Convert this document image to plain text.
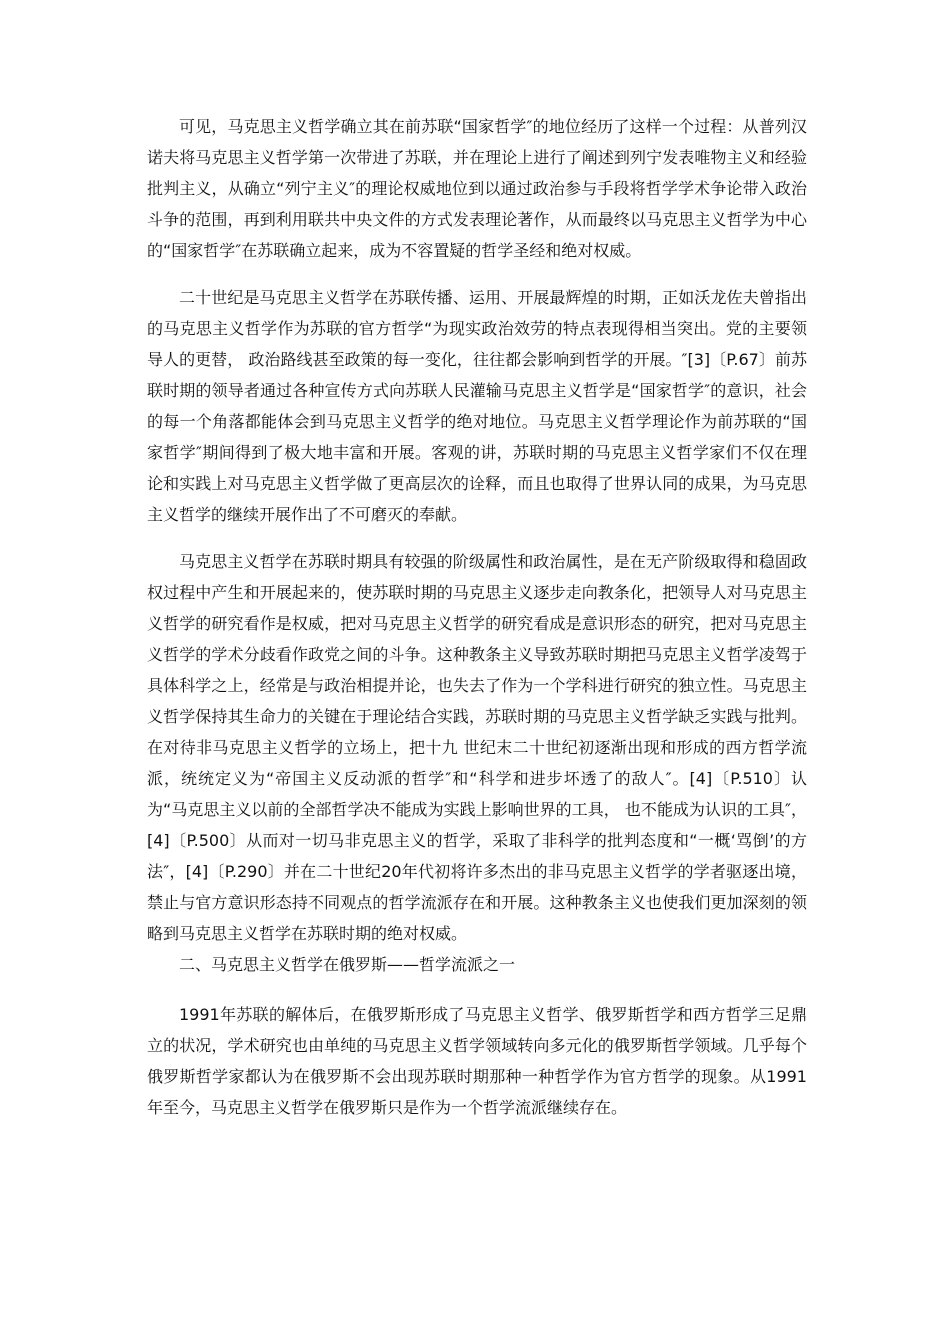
可见，马克思主义哲学确立其在前苏联“国家哲学″的地位经历了这样一个过程：从普列汉诺夫将马克思主义哲学第一次带进了苏联，并在理论上进行了阐述到列宁发表唯物主义和经验批判主义，从确立“列宁主义″的理论权威地位到以通过政治参与手段将哲学学术争论带入政治斗争的范围，再到利用联共中央文件的方式发表理论著作，从而最终以马克思主义哲学为中心的“国家哲学″在苏联确立起来，成为不容置疑的哲学圣经和绝对权威。

二十世纪是马克思主义哲学在苏联传播、运用、开展最辉煌的时期，正如沃龙佐夫曾指出的马克思主义哲学作为苏联的官方哲学“为现实政治效劳的特点表现得相当突出。党的主要领导人的更替， 政治路线甚至政策的每一变化，往往都会影响到哲学的开展。″[3]〔P.67〕前苏联时期的领导者通过各种宣传方式向苏联人民灌输马克思主义哲学是“国家哲学″的意识，社会的每一个角落都能体会到马克思主义哲学的绝对地位。马克思主义哲学理论作为前苏联的“国家哲学″期间得到了极大地丰富和开展。客观的讲，苏联时期的马克思主义哲学家们不仅在理论和实践上对马克思主义哲学做了更高层次的诠释，而且也取得了世界认同的成果，为马克思主义哲学的继续开展作出了不可磨灭的奉献。

马克思主义哲学在苏联时期具有较强的阶级属性和政治属性，是在无产阶级取得和稳固政权过程中产生和开展起来的，使苏联时期的马克思主义逐步走向教条化，把领导人对马克思主义哲学的研究看作是权威，把对马克思主义哲学的研究看成是意识形态的研究，把对马克思主义哲学的学术分歧看作政党之间的斗争。这种教条主义导致苏联时期把马克思主义哲学凌驾于具体科学之上，经常是与政治相提并论，也失去了作为一个学科进行研究的独立性。马克思主义哲学保持其生命力的关键在于理论结合实践，苏联时期的马克思主义哲学缺乏实践与批判。在对待非马克思主义哲学的立场上，把十九 世纪末二十世纪初逐渐出现和形成的西方哲学流派，统统定义为“帝国主义反动派的哲学″和“科学和进步坏透了的敌人″。[4]〔P.510〕认为“马克思主义以前的全部哲学决不能成为实践上影响世界的工具， 也不能成为认识的工具″，[4]〔P.500〕从而对一切马非克思主义的哲学，采取了非科学的批判态度和“一概‘骂倒’的方法″，[4]〔P.290〕并在二十世纪20年代初将许多杰出的非马克思主义哲学的学者驱逐出境，禁止与官方意识形态持不同观点的哲学流派存在和开展。这种教条主义也使我们更加深刻的领略到马克思主义哲学在苏联时期的绝对权威。

二、马克思主义哲学在俄罗斯——哲学流派之一

1991年苏联的解体后，在俄罗斯形成了马克思主义哲学、俄罗斯哲学和西方哲学三足鼎立的状况，学术研究也由单纯的马克思主义哲学领域转向多元化的俄罗斯哲学领域。几乎每个俄罗斯哲学家都认为在俄罗斯不会出现苏联时期那种一种哲学作为官方哲学的现象。从1991年至今，马克思主义哲学在俄罗斯只是作为一个哲学流派继续存在。
